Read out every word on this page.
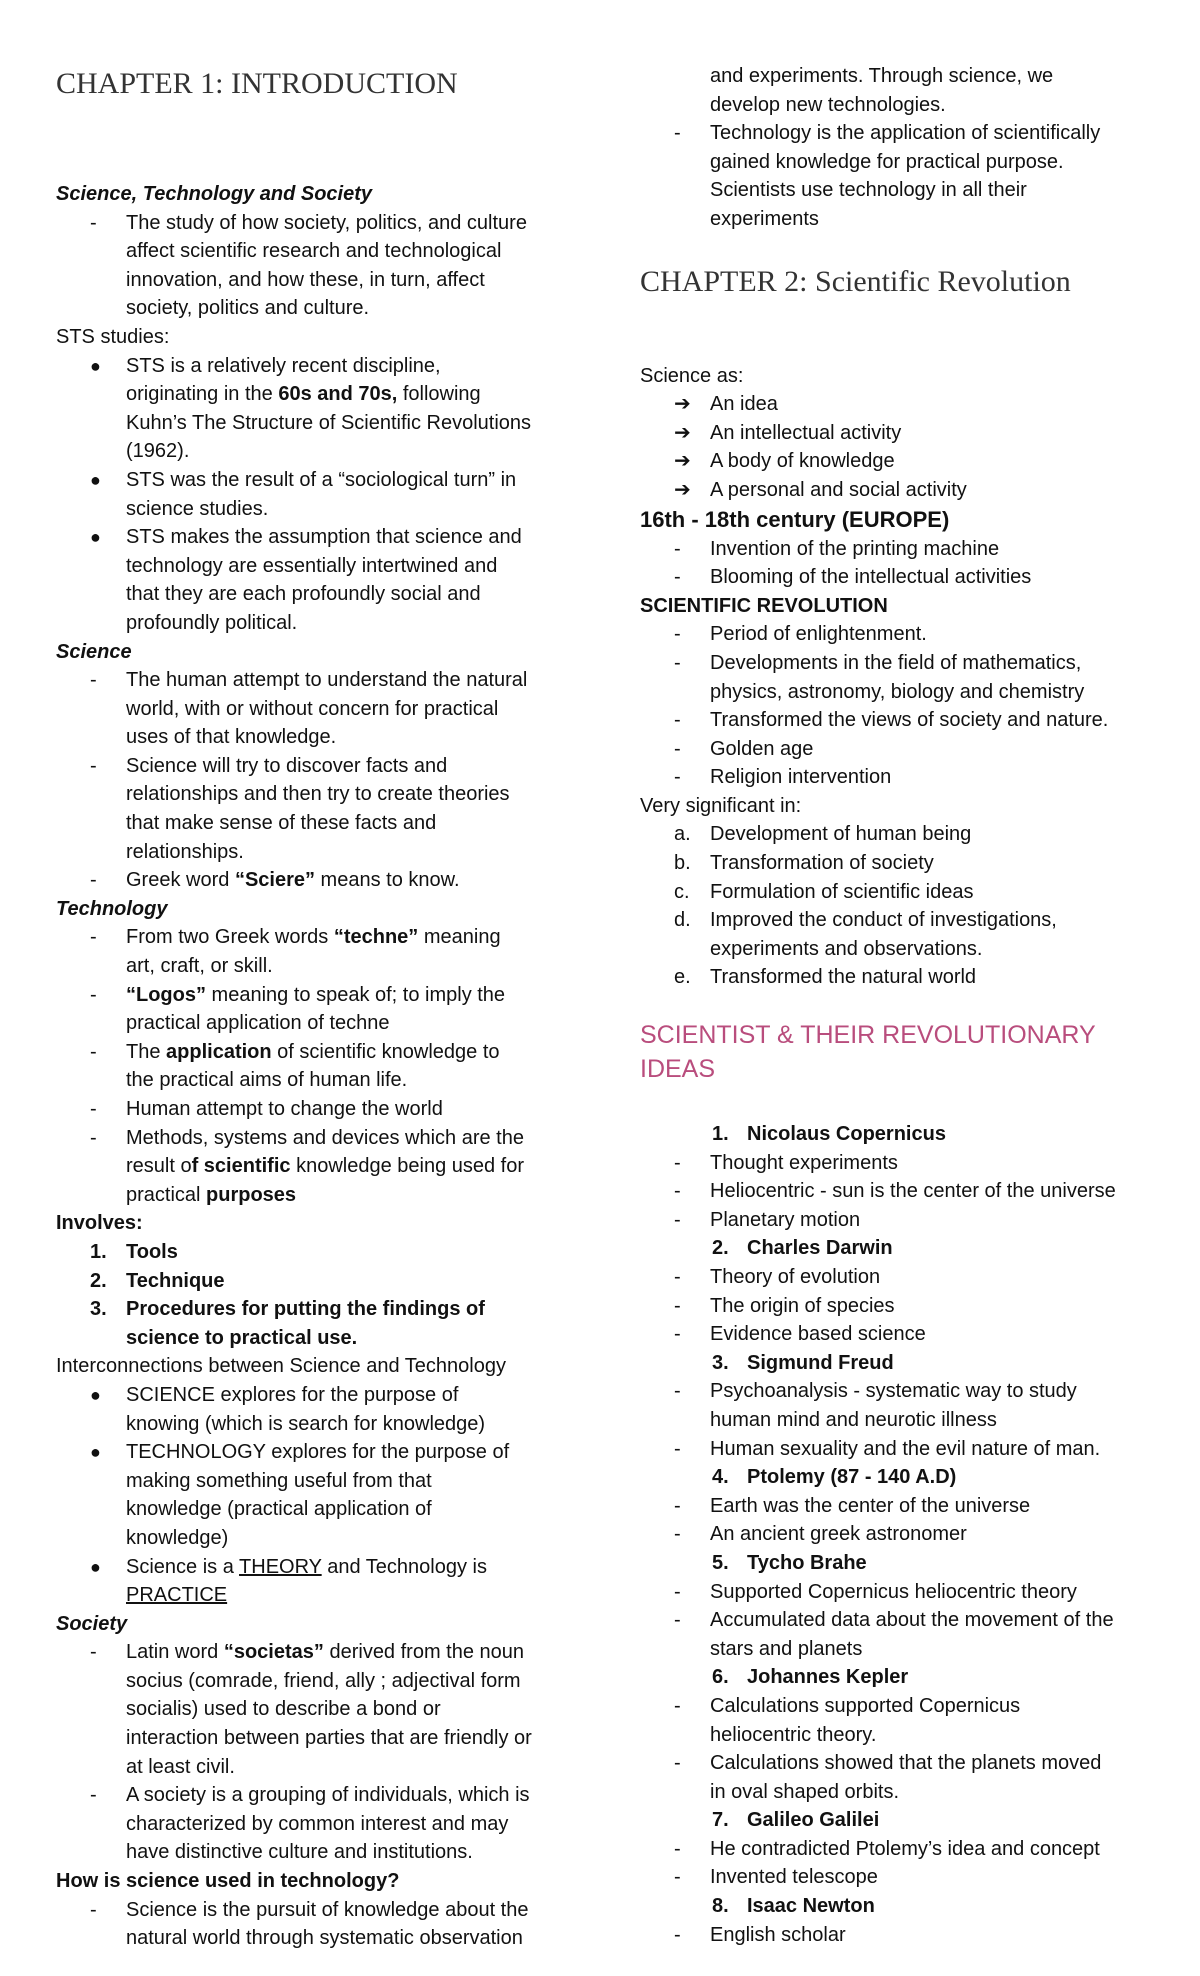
CHAPTER 1: INTRODUCTION

Science, Technology and Society

-	The study of how society, politics, and culture
affect scientific research and technological
innovation, and how these, in turn, affect
society, politics and culture.

STS studies:

●	STS is a relatively recent discipline,
originating in the 60s and 70s, following
Kuhn’s The Structure of Scientific Revolutions
(1962).
●	STS was the result of a “sociological turn” in
science studies.
●	STS makes the assumption that science and
technology are essentially intertwined and
that they are each profoundly social and
profoundly political.

Science

-	The human attempt to understand the natural
world, with or without concern for practical
uses of that knowledge.
-	Science will try to discover facts and
relationships and then try to create theories
that make sense of these facts and
relationships.
-	Greek word “Sciere” means to know.

Technology

-	From two Greek words “techne” meaning
art, craft, or skill.
-	“Logos” meaning to speak of; to imply the
practical application of techne
-	The application of scientific knowledge to
the practical aims of human life.
-	Human attempt to change the world
-	Methods, systems and devices which are the
result of scientific knowledge being used for
practical purposes

Involves:

1. Tools
2. Technique
3. Procedures for putting the findings of
science to practical use.

Interconnections between Science and Technology

●	SCIENCE explores for the purpose of
knowing (which is search for knowledge)
●	TECHNOLOGY explores for the purpose of
making something useful from that
knowledge (practical application of
knowledge)
●	Science is a THEORY and Technology is
PRACTICE

Society

-	Latin word “societas” derived from the noun
socius (comrade, friend, ally ; adjectival form
socialis) used to describe a bond or
interaction between parties that are friendly or
at least civil.
-	A society is a grouping of individuals, which is
characterized by common interest and may
have distinctive culture and institutions.

How is science used in technology?

-	Science is the pursuit of knowledge about the
natural world through systematic observation
and experiments. Through science, we
develop new technologies.
-	Technology is the application of scientifically
gained knowledge for practical purpose.
Scientists use technology in all their
experiments
CHAPTER 2: Scientific Revolution

Science as:

➔ An idea
➔ An intellectual activity
➔ A body of knowledge
➔ A personal and social activity

16th - 18th century (EUROPE)

-	Invention of the printing machine
-	Blooming of the intellectual activities

SCIENTIFIC REVOLUTION

-	Period of enlightenment.
-	Developments in the field of mathematics,
physics, astronomy, biology and chemistry
-	Transformed the views of society and nature.
-	Golden age
-	Religion intervention

Very significant in:

a. Development of human being
b. Transformation of society
c.	Formulation of scientific ideas
d. Improved the conduct of investigations,
experiments and observations.
e. Transformed the natural world

SCIENTIST & THEIR REVOLUTIONARY
IDEAS

1. Nicolaus Copernicus
-	Thought experiments
-	Heliocentric - sun is the center of the universe
-	Planetary motion
2. Charles Darwin
-	Theory of evolution
-	The origin of species
-	Evidence based science
3. Sigmund Freud
-	Psychoanalysis - systematic way to study
human mind and neurotic illness
-	Human sexuality and the evil nature of man.
4. Ptolemy (87 - 140 A.D)
-	Earth was the center of the universe
-	An ancient greek astronomer
5. Tycho Brahe
-	Supported Copernicus heliocentric theory
-	Accumulated data about the movement of the
stars and planets
6. Johannes Kepler
-	Calculations supported Copernicus
heliocentric theory.
-	Calculations showed that the planets moved
in oval shaped orbits.
7. Galileo Galilei
-	He contradicted Ptolemy’s idea and concept
-	Invented telescope
8. Isaac Newton
-	English scholar
